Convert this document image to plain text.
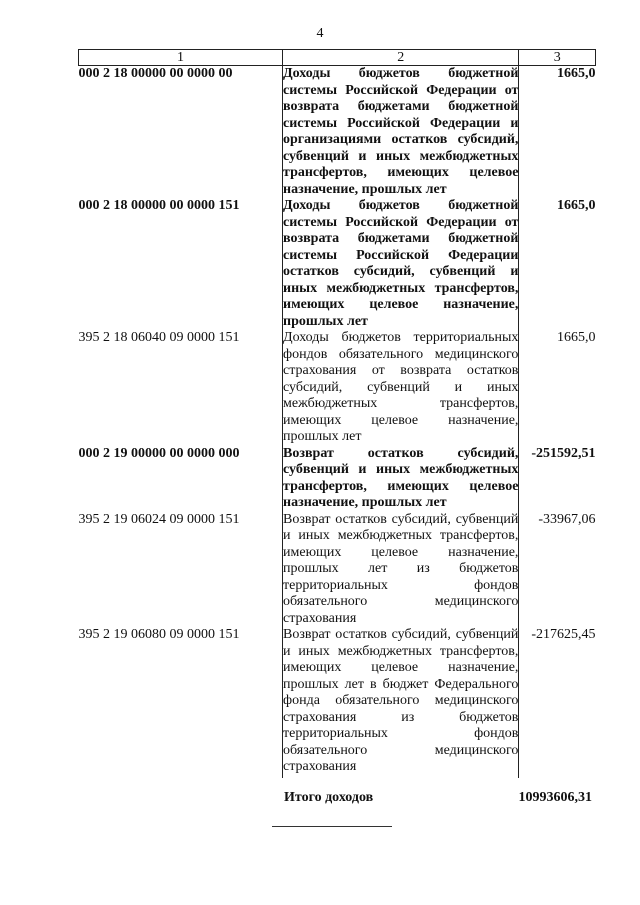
4
1	2	3
000 2 18 00000 00 0000 00	Доходы бюджетов бюджетной системы Российской Федерации от возврата бюджетами бюджетной системы Российской Федерации и организациями остатков субсидий, субвенций и иных межбюджетных трансфертов, имеющих целевое назначение, прошлых лет	1665,0
000 2 18 00000 00 0000 151	Доходы бюджетов бюджетной системы Российской Федерации от возврата бюджетами бюджетной системы Российской Федерации остатков субсидий, субвенций и иных межбюджетных трансфертов, имеющих целевое назначение, прошлых лет	1665,0
395 2 18 06040 09 0000 151	Доходы бюджетов территориальных фондов обязательного медицинского страхования от возврата остатков субсидий, субвенций и иных межбюджетных трансфертов, имеющих целевое назначение, прошлых лет	1665,0
000 2 19 00000 00 0000 000	Возврат остатков субсидий, субвенций и иных межбюджетных трансфертов, имеющих целевое назначение, прошлых лет	-251592,51
395 2 19 06024 09 0000 151	Возврат остатков субсидий, субвенций и иных межбюджетных трансфертов, имеющих целевое назначение, прошлых лет из бюджетов территориальных фондов обязательного медицинского страхования	-33967,06
395 2 19 06080 09 0000 151	Возврат остатков субсидий, субвенций и иных межбюджетных трансфертов, имеющих целевое назначение, прошлых лет в бюджет Федерального фонда обязательного медицинского страхования из бюджетов территориальных фондов обязательного медицинского страхования	-217625,45
Итого доходов	10993606,31
